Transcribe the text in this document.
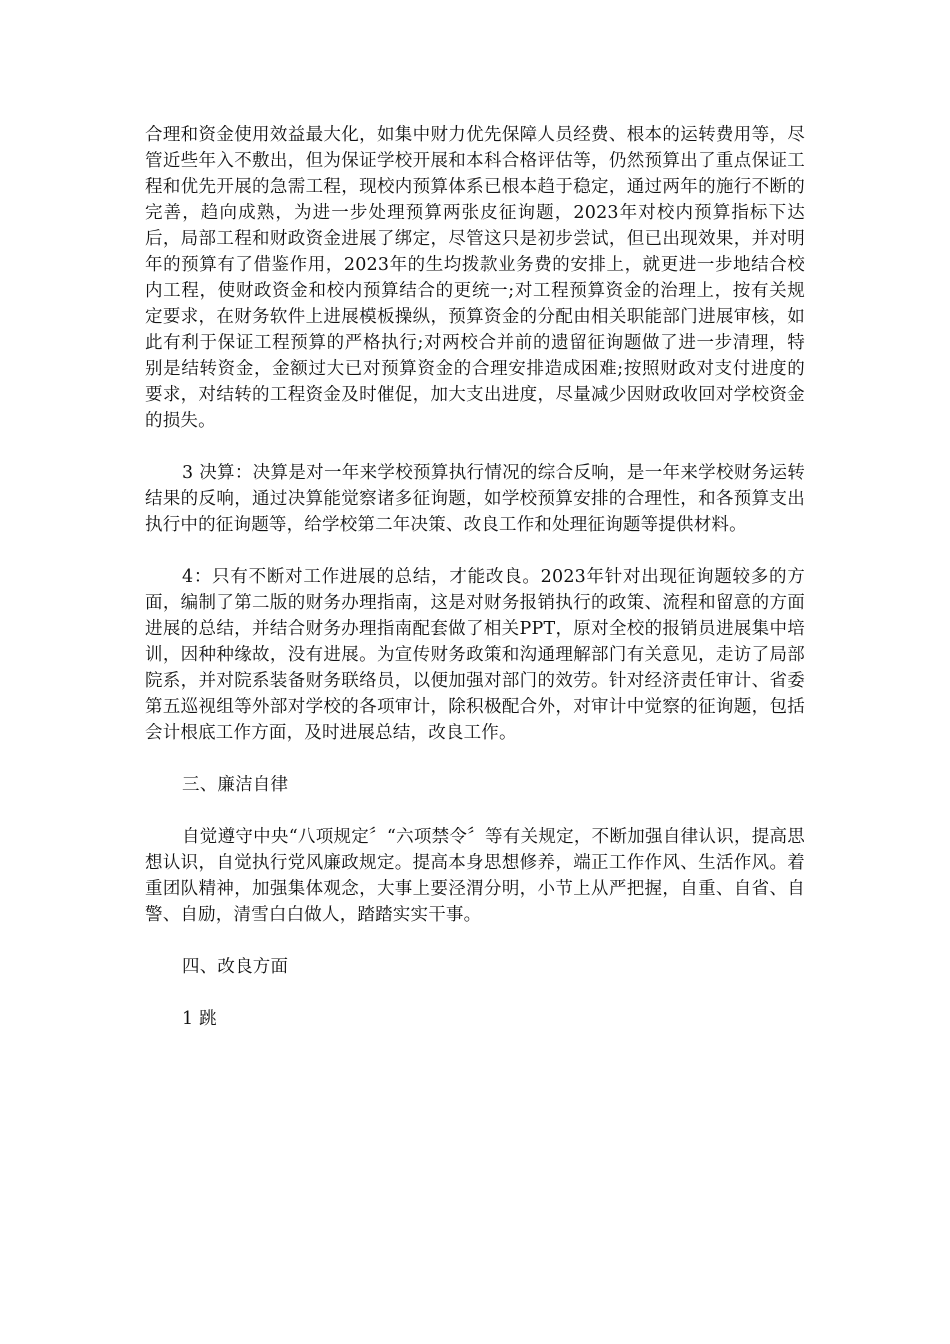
合理和资金使用效益最大化，如集中财力优先保障人员经费、根本的运转费用等，尽管近些年入不敷出，但为保证学校开展和本科合格评估等，仍然预算出了重点保证工程和优先开展的急需工程，现校内预算体系已根本趋于稳定，通过两年的施行不断的完善，趋向成熟，为进一步处理预算两张皮征询题，2023年对校内预算指标下达后，局部工程和财政资金进展了绑定，尽管这只是初步尝试，但已出现效果，并对明年的预算有了借鉴作用，2023年的生均拨款业务费的安排上，就更进一步地结合校内工程，使财政资金和校内预算结合的更统一;对工程预算资金的治理上，按有关规定要求，在财务软件上进展模板操纵，预算资金的分配由相关职能部门进展审核，如此有利于保证工程预算的严格执行;对两校合并前的遗留征询题做了进一步清理，特别是结转资金，金额过大已对预算资金的合理安排造成困难;按照财政对支付进度的要求，对结转的工程资金及时催促，加大支出进度，尽量减少因财政收回对学校资金的损失。

3 决算：决算是对一年来学校预算执行情况的综合反响，是一年来学校财务运转结果的反响，通过决算能觉察诸多征询题，如学校预算安排的合理性，和各预算支出执行中的征询题等，给学校第二年决策、改良工作和处理征询题等提供材料。

4：只有不断对工作进展的总结，才能改良。2023年针对出现征询题较多的方面，编制了第二版的财务办理指南，这是对财务报销执行的政策、流程和留意的方面进展的总结，并结合财务办理指南配套做了相关PPT，原对全校的报销员进展集中培训，因种种缘故，没有进展。为宣传财务政策和沟通理解部门有关意见，走访了局部院系，并对院系装备财务联络员，以便加强对部门的效劳。针对经济责任审计、省委第五巡视组等外部对学校的各项审计，除积极配合外，对审计中觉察的征询题，包括会计根底工作方面，及时进展总结，改良工作。

三、廉洁自律

自觉遵守中央“八项规定〞“六项禁令〞等有关规定，不断加强自律认识，提高思想认识，自觉执行党风廉政规定。提高本身思想修养，端正工作作风、生活作风。着重团队精神，加强集体观念，大事上要泾渭分明，小节上从严把握，自重、自省、自警、自励，清雪白白做人，踏踏实实干事。

四、改良方面

1 跳
